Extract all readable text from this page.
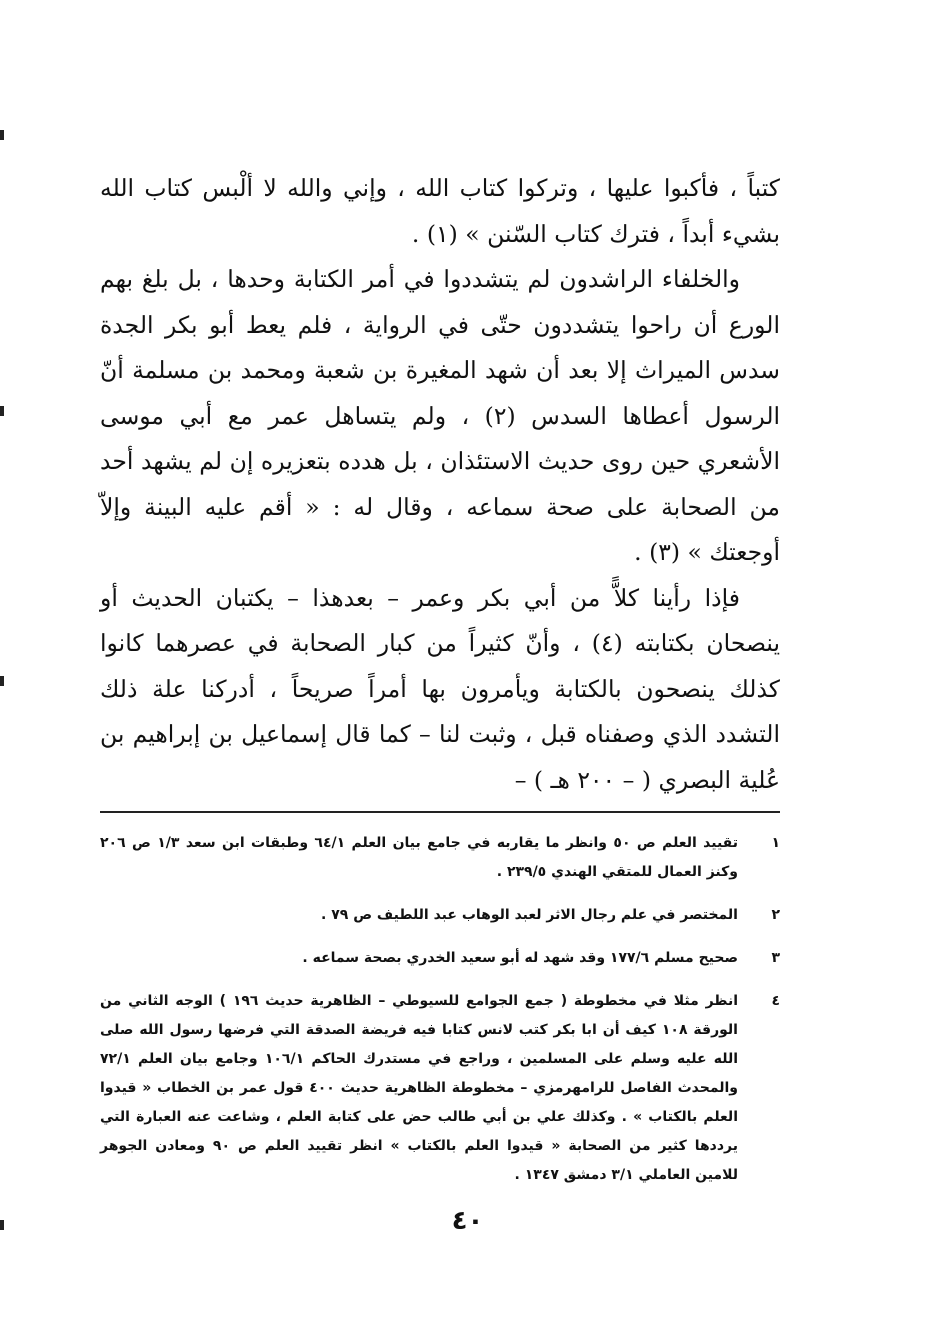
كتباً ، فأكبوا عليها ، وتركوا كتاب الله ، وإني والله لا ألْبس كتاب الله بشيء أبداً ، فترك كتاب السّنن » (١) .

والخلفاء الراشدون لم يتشددوا في أمر الكتابة وحدها ، بل بلغ بهم الورع أن راحوا يتشددون حتّى في الرواية ، فلم يعط أبو بكر الجدة سدس الميراث إلا بعد أن شهد المغيرة بن شعبة ومحمد بن مسلمة أنّ الرسول أعطاها السدس (٢) ، ولم يتساهل عمر مع أبي موسى الأشعري حين روى حديث الاستئذان ، بل هدده بتعزيره إن لم يشهد أحد من الصحابة على صحة سماعه ، وقال له : « أقم عليه البينة وإلاّ أوجعتك » (٣) .

فإذا رأينا كلاًّ من أبي بكر وعمر – بعدهذا – يكتبان الحديث أو ينصحان بكتابته (٤) ، وأنّ كثيراً من كبار الصحابة في عصرهما كانوا كذلك ينصحون بالكتابة ويأمرون بها أمراً صريحاً ، أدركنا علة ذلك التشدد الذي وصفناه قبل ، وثبت لنا – كما قال إسماعيل بن إبراهيم بن عُلية البصري ( – ٢٠٠ هـ ) –

١
تقييد العلم ص ٥٠ وانظر ما يقاربه في جامع بيان العلم ٦٤/١ وطبقات ابن سعد ١/٣ ص ٢٠٦ وكنز العمال للمتقي الهندي ٢٣٩/٥ .
٢
المختصر في علم رجال الاثر لعبد الوهاب عبد اللطيف ص ٧٩ .
٣
صحيح مسلم ١٧٧/٦ وقد شهد له أبو سعيد الخدري بصحة سماعه .
٤
انظر مثلا في مخطوطة ( جمع الجوامع للسيوطي – الظاهرية حديث ١٩٦ ) الوجه الثاني من الورقة ١٠٨ كيف أن ابا بكر كتب لانس كتابا فيه فريضة الصدقة التي فرضها رسول الله صلى الله عليه وسلم على المسلمين ، وراجع في مستدرك الحاكم ١٠٦/١ وجامع بيان العلم ٧٢/١ والمحدث الفاصل للرامهرمزي – مخطوطة الظاهرية حديث ٤٠٠ قول عمر بن الخطاب « قيدوا العلم بالكتاب » . وكذلك علي بن أبي طالب حض على كتابة العلم ، وشاعت عنه العبارة التي يرددها كثير من الصحابة « قيدوا العلم بالكتاب » انظر تقييد العلم ص ٩٠ ومعادن الجوهر للامين العاملي ٣/١ دمشق ١٣٤٧ .
٤٠
